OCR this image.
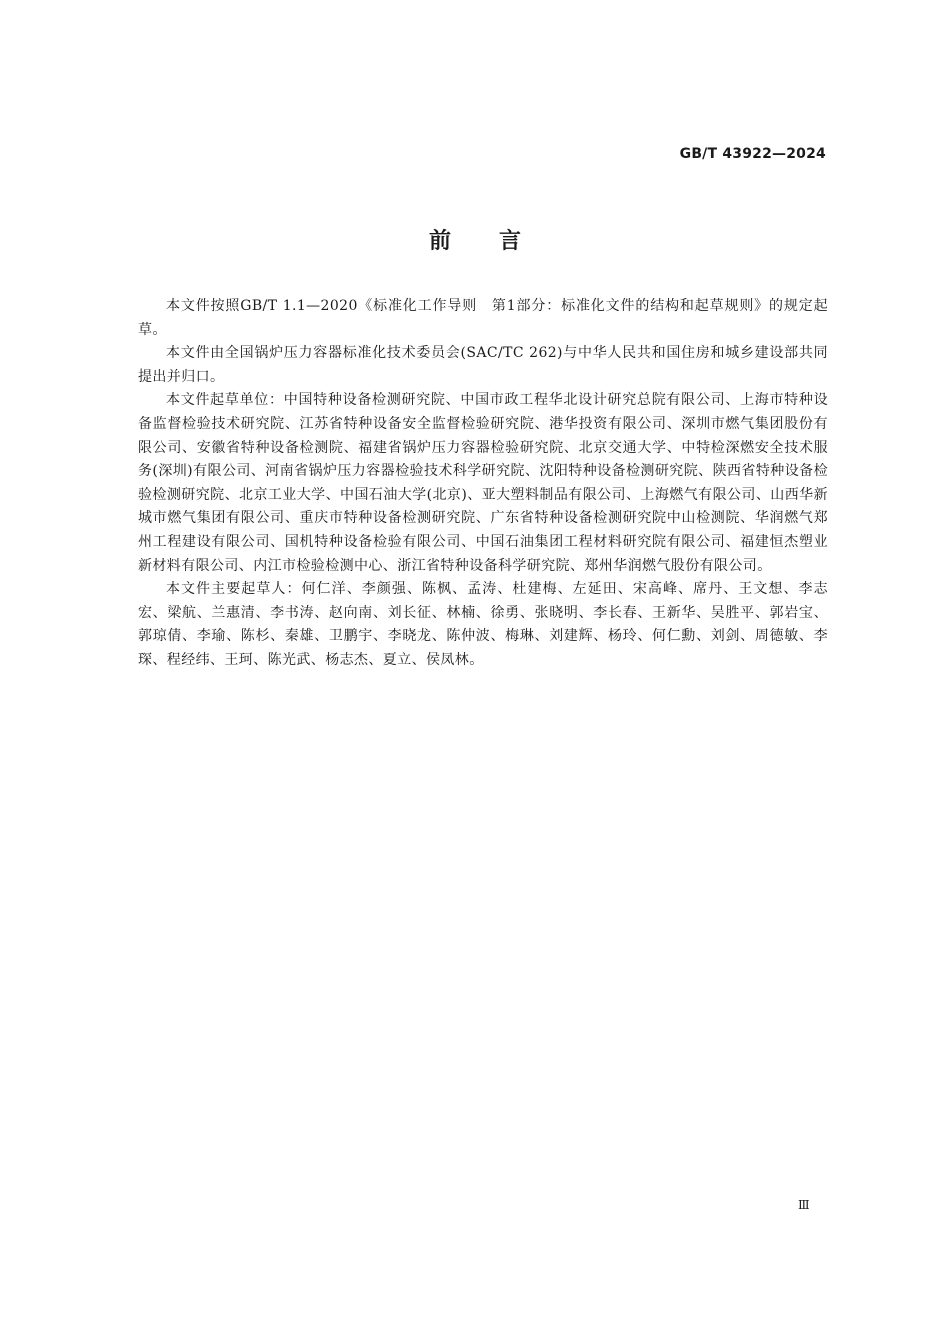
GB/T 43922—2024
前言

本文件按照GB/T 1.1—2020《标准化工作导则　第1部分：标准化文件的结构和起草规则》的规定起草。

本文件由全国锅炉压力容器标准化技术委员会(SAC/TC 262)与中华人民共和国住房和城乡建设部共同提出并归口。

本文件起草单位：中国特种设备检测研究院、中国市政工程华北设计研究总院有限公司、上海市特种设备监督检验技术研究院、江苏省特种设备安全监督检验研究院、港华投资有限公司、深圳市燃气集团股份有限公司、安徽省特种设备检测院、福建省锅炉压力容器检验研究院、北京交通大学、中特检深燃安全技术服务(深圳)有限公司、河南省锅炉压力容器检验技术科学研究院、沈阳特种设备检测研究院、陕西省特种设备检验检测研究院、北京工业大学、中国石油大学(北京)、亚大塑料制品有限公司、上海燃气有限公司、山西华新城市燃气集团有限公司、重庆市特种设备检测研究院、广东省特种设备检测研究院中山检测院、华润燃气郑州工程建设有限公司、国机特种设备检验有限公司、中国石油集团工程材料研究院有限公司、福建恒杰塑业新材料有限公司、内江市检验检测中心、浙江省特种设备科学研究院、郑州华润燃气股份有限公司。

本文件主要起草人：何仁洋、李颜强、陈枫、孟涛、杜建梅、左延田、宋高峰、席丹、王文想、李志宏、梁航、兰惠清、李书涛、赵向南、刘长征、林楠、徐勇、张晓明、李长春、王新华、吴胜平、郭岩宝、郭琼倩、李瑜、陈杉、秦雄、卫鹏宇、李晓龙、陈仲波、梅琳、刘建辉、杨玲、何仁勳、刘剑、周德敏、李琛、程经纬、王珂、陈光武、杨志杰、夏立、侯凤林。

Ⅲ
